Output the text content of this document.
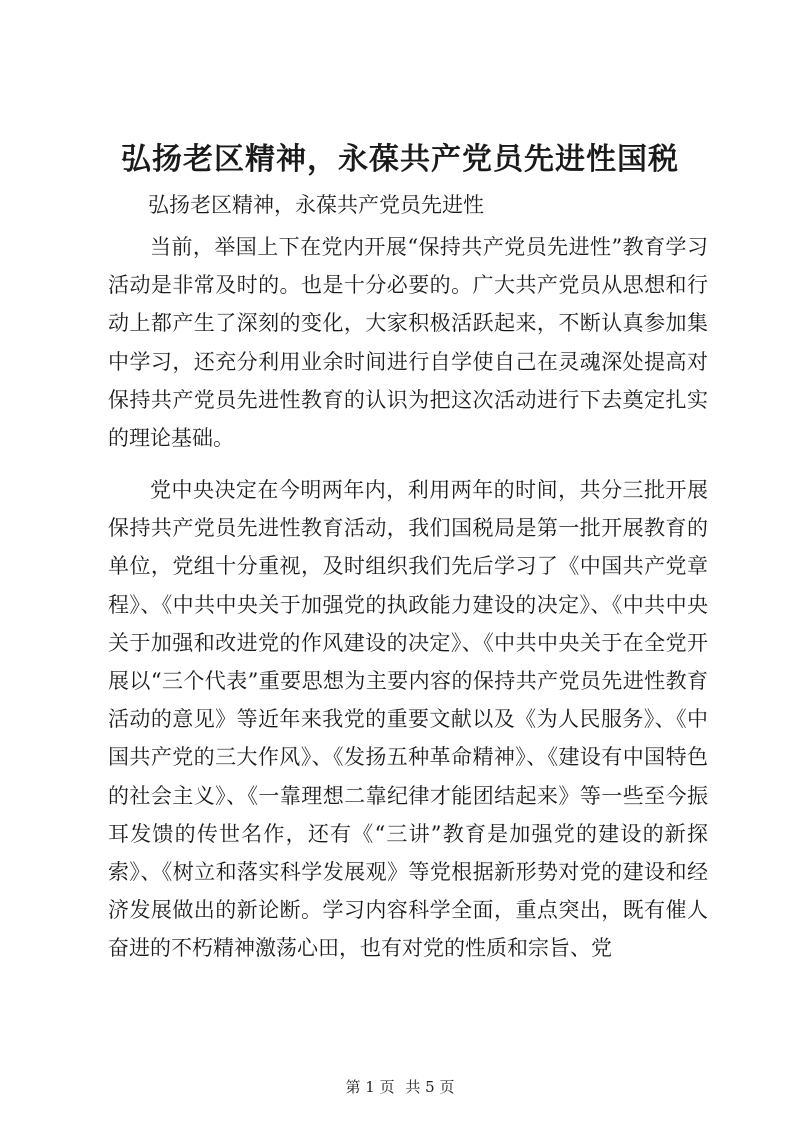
弘扬老区精神，永葆共产党员先进性国税

弘扬老区精神，永葆共产党员先进性

当前，举国上下在党内开展“保持共产党员先进性”教育学习活动是非常及时的。也是十分必要的。广大共产党员从思想和行动上都产生了深刻的变化，大家积极活跃起来，不断认真参加集中学习，还充分利用业余时间进行自学使自己在灵魂深处提高对保持共产党员先进性教育的认识为把这次活动进行下去奠定扎实的理论基础。

党中央决定在今明两年内，利用两年的时间，共分三批开展保持共产党员先进性教育活动，我们国税局是第一批开展教育的单位，党组十分重视，及时组织我们先后学习了《中国共产党章程》、《中共中央关于加强党的执政能力建设的决定》、《中共中央关于加强和改进党的作风建设的决定》、《中共中央关于在全党开展以“三个代表”重要思想为主要内容的保持共产党员先进性教育活动的意见》等近年来我党的重要文献以及《为人民服务》、《中国共产党的三大作风》、《发扬五种革命精神》、《建设有中国特色的社会主义》、《一靠理想二靠纪律才能团结起来》等一些至今振耳发馈的传世名作，还有《“三讲”教育是加强党的建设的新探索》、《树立和落实科学发展观》等党根据新形势对党的建设和经济发展做出的新论断。学习内容科学全面，重点突出，既有催人奋进的不朽精神激荡心田，也有对党的性质和宗旨、党

第 1 页 共 5 页
